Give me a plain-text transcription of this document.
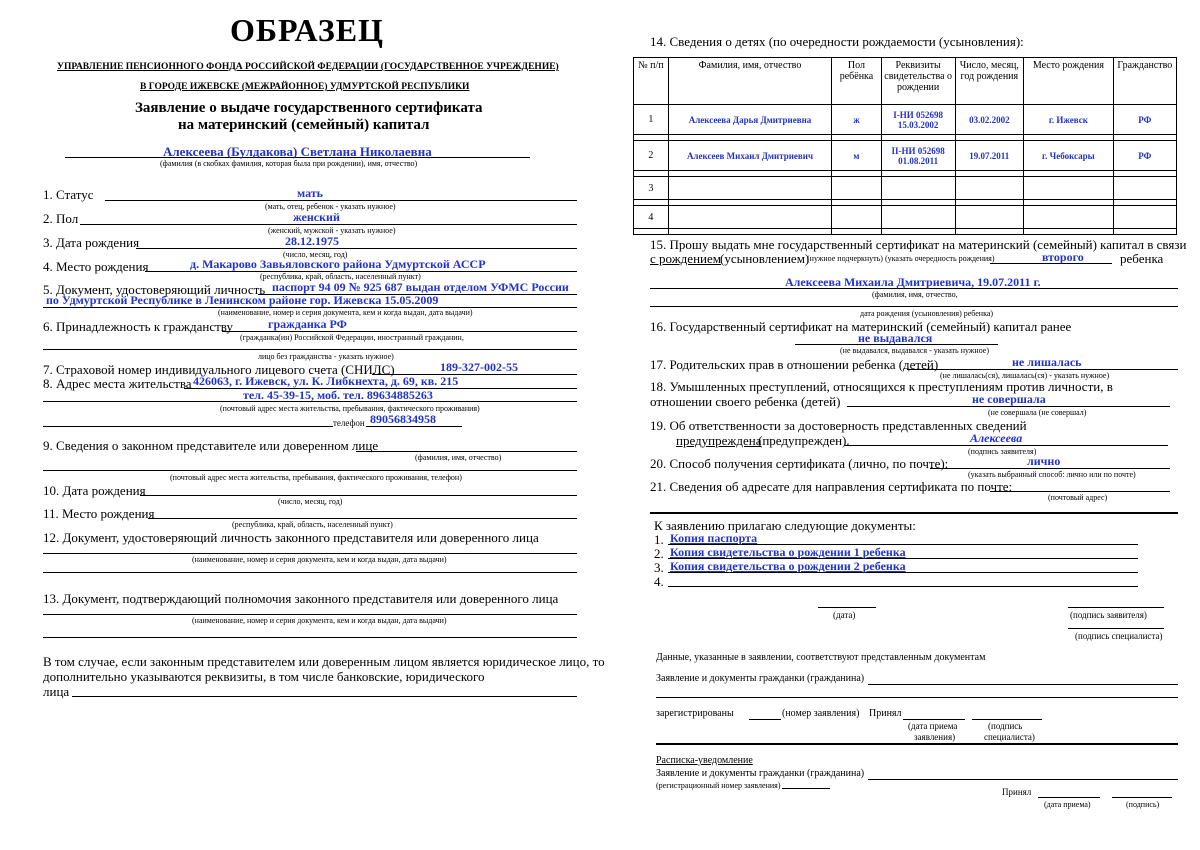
ОБРАЗЕЦ
УПРАВЛЕНИЕ ПЕНСИОННОГО ФОНДА РОССИЙСКОЙ ФЕДЕРАЦИИ (ГОСУДАРСТВЕННОЕ УЧРЕЖДЕНИЕ)
В ГОРОДЕ ИЖЕВСКЕ (МЕЖРАЙОННОЕ) УДМУРТСКОЙ РЕСПУБЛИКИ
Заявление о выдаче государственного сертификата
на материнский (семейный) капитал
Алексеева (Булдакова) Светлана Николаевна
(фамилия (в скобках фамилия, которая была при рождении), имя, отчество)
1. Статус	мать
(мать, отец, ребенок - указать нужное)
2. Пол	женский
(женский, мужской - указать нужное)
3. Дата рождения	28.12.1975
(число, месяц, год)
4. Место рождения	д. Макарово Завьяловского района Удмуртской АССР
(республика, край, область, населенный пункт)
5. Документ, удостоверяющий личность паспорт 94 09 № 925 687 выдан отделом УФМС России
по Удмуртской Республике в Ленинском районе гор. Ижевска 15.05.2009
(наименование, номер и серия документа, кем и когда выдан, дата выдачи)
6. Принадлежность к гражданству	гражданка РФ
(гражданка(ин) Российской Федерации, иностранный гражданин,
лицо без гражданства - указать нужное)
7. Страховой номер индивидуального лицевого счета (СНИЛС)	189-327-002-55
8. Адрес места жительства 426063, г. Ижевск, ул. К. Либкнехта, д. 69, кв. 215
тел. 45-39-15, моб. тел. 89634885263
(почтовый адрес места жительства, пребывания, фактического проживания)
телефон 89056834958
9. Сведения о законном представителе или доверенном лице
(фамилия, имя, отчество)
(почтовый адрес места жительства, пребывания, фактического проживания, телефон)
10. Дата рождения
(число, месяц, год)
11. Место рождения
(республика, край, область, населенный пункт)
12. Документ, удостоверяющий личность законного представителя или доверенного лица
(наименование, номер и серия документа, кем и когда выдан, дата выдачи)
13. Документ, подтверждающий полномочия законного представителя или доверенного лица
(наименование, номер и серия документа, кем и когда выдан, дата выдачи)
В том случае, если законным представителем или доверенным лицом является юридическое лицо, то
дополнительно указываются реквизиты, в том числе банковские, юридического
лица
14. Сведения о детях (по очередности рождаемости (усыновления):
№ п/п	Фамилия, имя, отчество	Пол ребёнка	Реквизиты свидетельства о рождении	Число, месяц, год рождения	Место рождения	Гражданство
1	Алексеева Дарья Дмитриевна	ж	I-НИ 052698
15.03.2002	03.02.2002	г. Ижевск	РФ

2	Алексеев Михаил Дмитриевич	м	II-НИ 052698
01.08.2011	19.07.2011	г. Чебоксары	РФ

3						

4						

15. Прошу выдать мне государственный сертификат на материнский (семейный) капитал в связи
с рождением (усыновлением)
(нужное подчеркнуть) (указать очередность рождения)	второго	ребенка
Алексеева Михаила Дмитриевича, 19.07.2011 г.
(фамилия, имя, отчество,
дата рождения (усыновления) ребенка)
16. Государственный сертификат на материнский (семейный) капитал ранее
не выдавался
(не выдавался, выдавался - указать нужное)
17. Родительских прав в отношении ребенка (детей)	не лишалась
(не лишалась(ся), лишалась(ся) - указать нужное)
18. Умышленных преступлений, относящихся к преступлениям против личности, в
отношении своего ребенка (детей)	не совершала
(не совершала (не совершал)
19. Об ответственности за достоверность представленных сведений
предупреждена
(предупрежден).	Алексеева
(подпись заявителя)
20. Способ получения сертификата (лично, по почте):	лично
(указать выбранный способ: лично или по почте)
21. Сведения об адресате для направления сертификата по почте:
(почтовый адрес)
К заявлению прилагаю следующие документы:
1. Копия паспорта
2. Копия свидетельства о рождении 1 ребенка
3. Копия свидетельства о рождении 2 ребенка
4.
(дата)	(подпись заявителя)
(подпись специалиста)
Данные, указанные в заявлении, соответствуют представленным документам
Заявление и документы гражданки (гражданина)
зарегистрированы	(номер заявления) Принял
(дата приема
заявления)
(подпись
специалиста)
Расписка-уведомление
Заявление и документы гражданки (гражданина)
(регистрационный номер заявления)
Принял
(дата приема)	(подпись)
